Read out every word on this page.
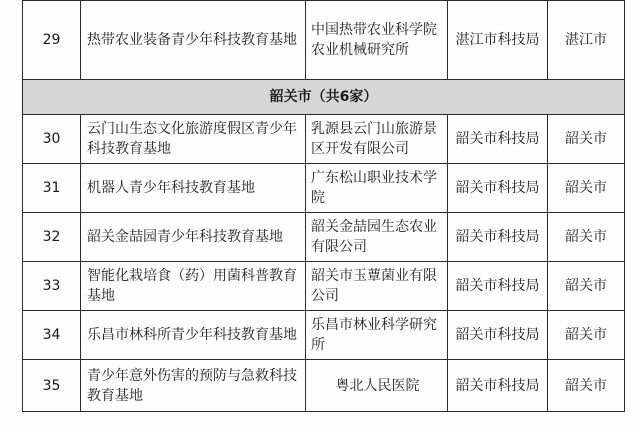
29	热带农业装备青少年科技教育基地	中国热带农业科学院农业机械研究所	湛江市科技局	湛江市
韶关市（共6家）				
30	云门山生态文化旅游度假区青少年科技教育基地	乳源县云门山旅游景区开发有限公司	韶关市科技局	韶关市
31	机器人青少年科技教育基地	广东松山职业技术学院	韶关市科技局	韶关市
32	韶关金喆园青少年科技教育基地	韶关金喆园生态农业有限公司	韶关市科技局	韶关市
33	智能化栽培食（药）用菌科普教育基地	韶关市玉蕈菌业有限公司	韶关市科技局	韶关市
34	乐昌市林科所青少年科技教育基地	乐昌市林业科学研究所	韶关市科技局	韶关市
35	青少年意外伤害的预防与急救科技教育基地	粤北人民医院	韶关市科技局	韶关市
